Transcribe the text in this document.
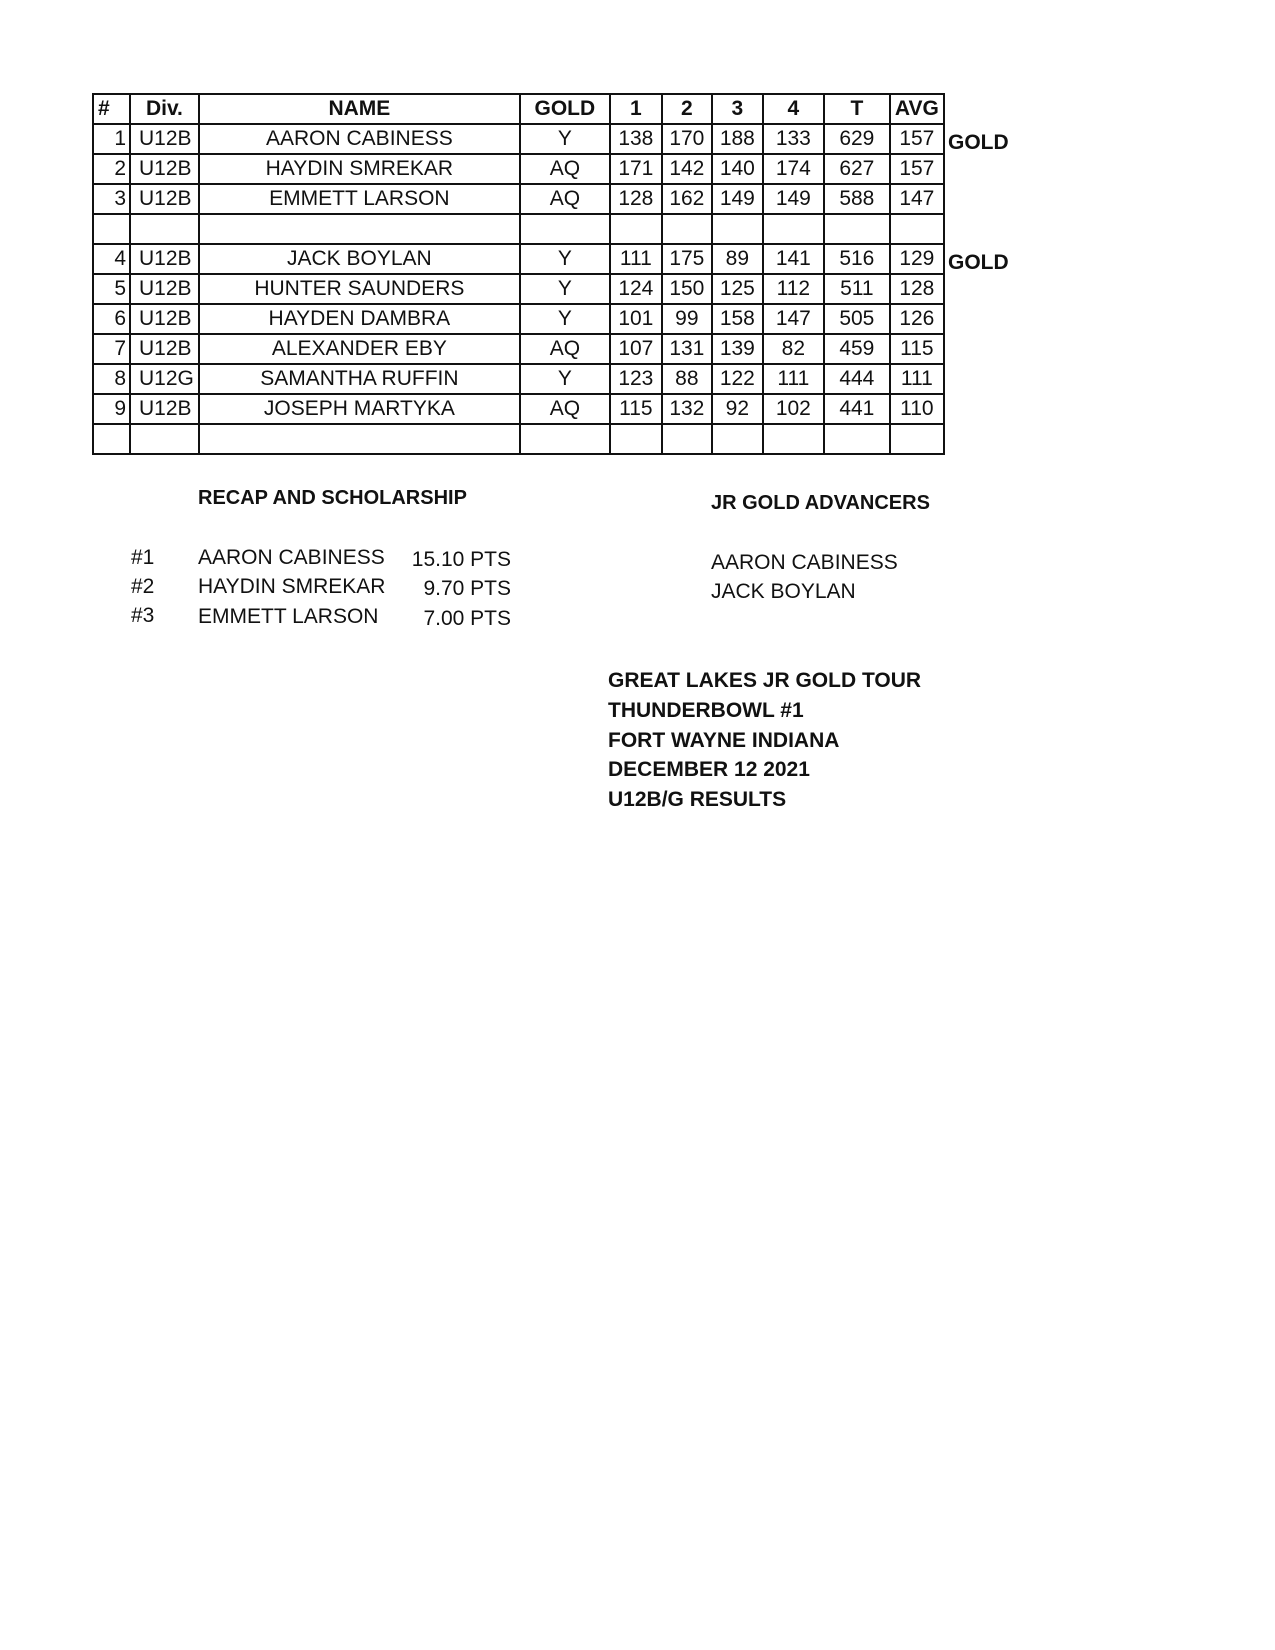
#	Div.	NAME	GOLD	1	2	3	4	T	AVG
1	U12B	AARON CABINESS	Y	138	170	188	133	629	157
2	U12B	HAYDIN SMREKAR	AQ	171	142	140	174	627	157
3	U12B	EMMETT LARSON	AQ	128	162	149	149	588	147

4	U12B	JACK BOYLAN	Y	111	175	89	141	516	129
5	U12B	HUNTER SAUNDERS	Y	124	150	125	112	511	128
6	U12B	HAYDEN DAMBRA	Y	101	99	158	147	505	126
7	U12B	ALEXANDER EBY	AQ	107	131	139	82	459	115
8	U12G	SAMANTHA RUFFIN	Y	123	88	122	111	444	111
9	U12B	JOSEPH MARTYKA	AQ	115	132	92	102	441	110

GOLD
GOLD
RECAP AND SCHOLARSHIP
#1 AARON CABINESS	15.10 PTS
#2 HAYDIN SMREKAR	9.70 PTS
#3 EMMETT LARSON	7.00 PTS
JR GOLD ADVANCERS
AARON CABINESS
JACK BOYLAN
GREAT LAKES JR GOLD TOUR
THUNDERBOWL #1
FORT WAYNE INDIANA
DECEMBER 12 2021
U12B/G RESULTS
